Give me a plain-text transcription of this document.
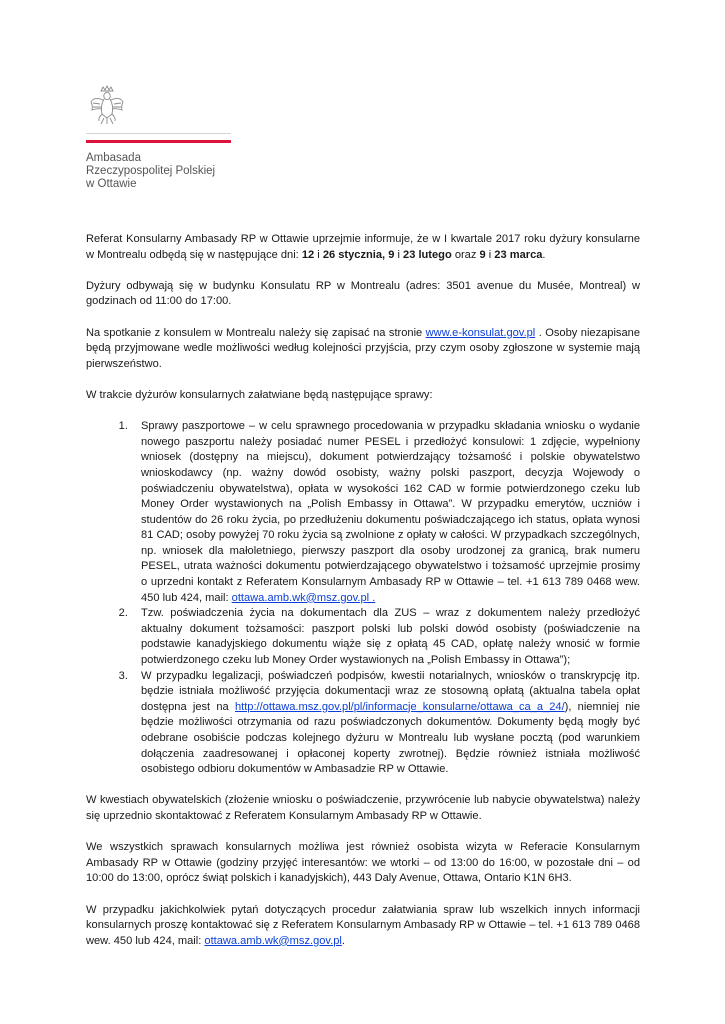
Ambasada
Rzeczypospolitej Polskiej
w Ottawie

Referat Konsularny Ambasady RP w Ottawie uprzejmie informuje, że w I kwartale 2017 roku dyżury konsularne w Montrealu odbędą się w następujące dni: 12 i 26 stycznia, 9 i 23 lutego oraz 9 i 23 marca.

Dyżury odbywają się w budynku Konsulatu RP w Montrealu (adres: 3501 avenue du Musée, Montreal) w godzinach od 11:00 do 17:00.

Na spotkanie z konsulem w Montrealu należy się zapisać na stronie www.e-konsulat.gov.pl . Osoby niezapisane będą przyjmowane wedle możliwości według kolejności przyjścia, przy czym osoby zgłoszone w systemie mają pierwszeństwo.

W trakcie dyżurów konsularnych załatwiane będą następujące sprawy:

1. Sprawy paszportowe – w celu sprawnego procedowania w przypadku składania wniosku o wydanie nowego paszportu należy posiadać numer PESEL i przedłożyć konsulowi: 1 zdjęcie, wypełniony wniosek (dostępny na miejscu), dokument potwierdzający tożsamość i polskie obywatelstwo wnioskodawcy (np. ważny dowód osobisty, ważny polski paszport, decyzja Wojewody o poświadczeniu obywatelstwa), opłata w wysokości 162 CAD w formie potwierdzonego czeku lub Money Order wystawionych na „Polish Embassy in Ottawa”. W przypadku emerytów, uczniów i studentów do 26 roku życia, po przedłużeniu dokumentu poświadczającego ich status, opłata wynosi 81 CAD; osoby powyżej 70 roku życia są zwolnione z opłaty w całości. W przypadkach szczególnych, np. wniosek dla małoletniego, pierwszy paszport dla osoby urodzonej za granicą, brak numeru PESEL, utrata ważności dokumentu potwierdzającego obywatelstwo i tożsamość uprzejmie prosimy o uprzedni kontakt z Referatem Konsularnym Ambasady RP w Ottawie – tel. +1 613 789 0468 wew. 450 lub 424, mail: ottawa.amb.wk@msz.gov.pl .
2. Tzw. poświadczenia życia na dokumentach dla ZUS – wraz z dokumentem należy przedłożyć aktualny dokument tożsamości: paszport polski lub polski dowód osobisty (poświadczenie na podstawie kanadyjskiego dokumentu wiąże się z opłatą 45 CAD, opłatę należy wnosić w formie potwierdzonego czeku lub Money Order wystawionych na „Polish Embassy in Ottawa”);
3. W przypadku legalizacji, poświadczeń podpisów, kwestii notarialnych, wniosków o transkrypcję itp. będzie istniała możliwość przyjęcia dokumentacji wraz ze stosowną opłatą (aktualna tabela opłat dostępna jest na http://ottawa.msz.gov.pl/pl/informacje_konsularne/ottawa_ca_a_24/), niemniej nie będzie możliwości otrzymania od razu poświadczonych dokumentów. Dokumenty będą mogły być odebrane osobiście podczas kolejnego dyżuru w Montrealu lub wysłane pocztą (pod warunkiem dołączenia zaadresowanej i opłaconej koperty zwrotnej). Będzie również istniała możliwość osobistego odbioru dokumentów w Ambasadzie RP w Ottawie.

W kwestiach obywatelskich (złożenie wniosku o poświadczenie, przywrócenie lub nabycie obywatelstwa) należy się uprzednio skontaktować z Referatem Konsularnym Ambasady RP w Ottawie.

We wszystkich sprawach konsularnych możliwa jest również osobista wizyta w Referacie Konsularnym Ambasady RP w Ottawie (godziny przyjęć interesantów: we wtorki – od 13:00 do 16:00, w pozostałe dni – od 10:00 do 13:00, oprócz świąt polskich i kanadyjskich), 443 Daly Avenue, Ottawa, Ontario K1N 6H3.

W przypadku jakichkolwiek pytań dotyczących procedur załatwiania spraw lub wszelkich innych informacji konsularnych proszę kontaktować się z Referatem Konsularnym Ambasady RP w Ottawie – tel. +1 613 789 0468 wew. 450 lub 424, mail: ottawa.amb.wk@msz.gov.pl.
